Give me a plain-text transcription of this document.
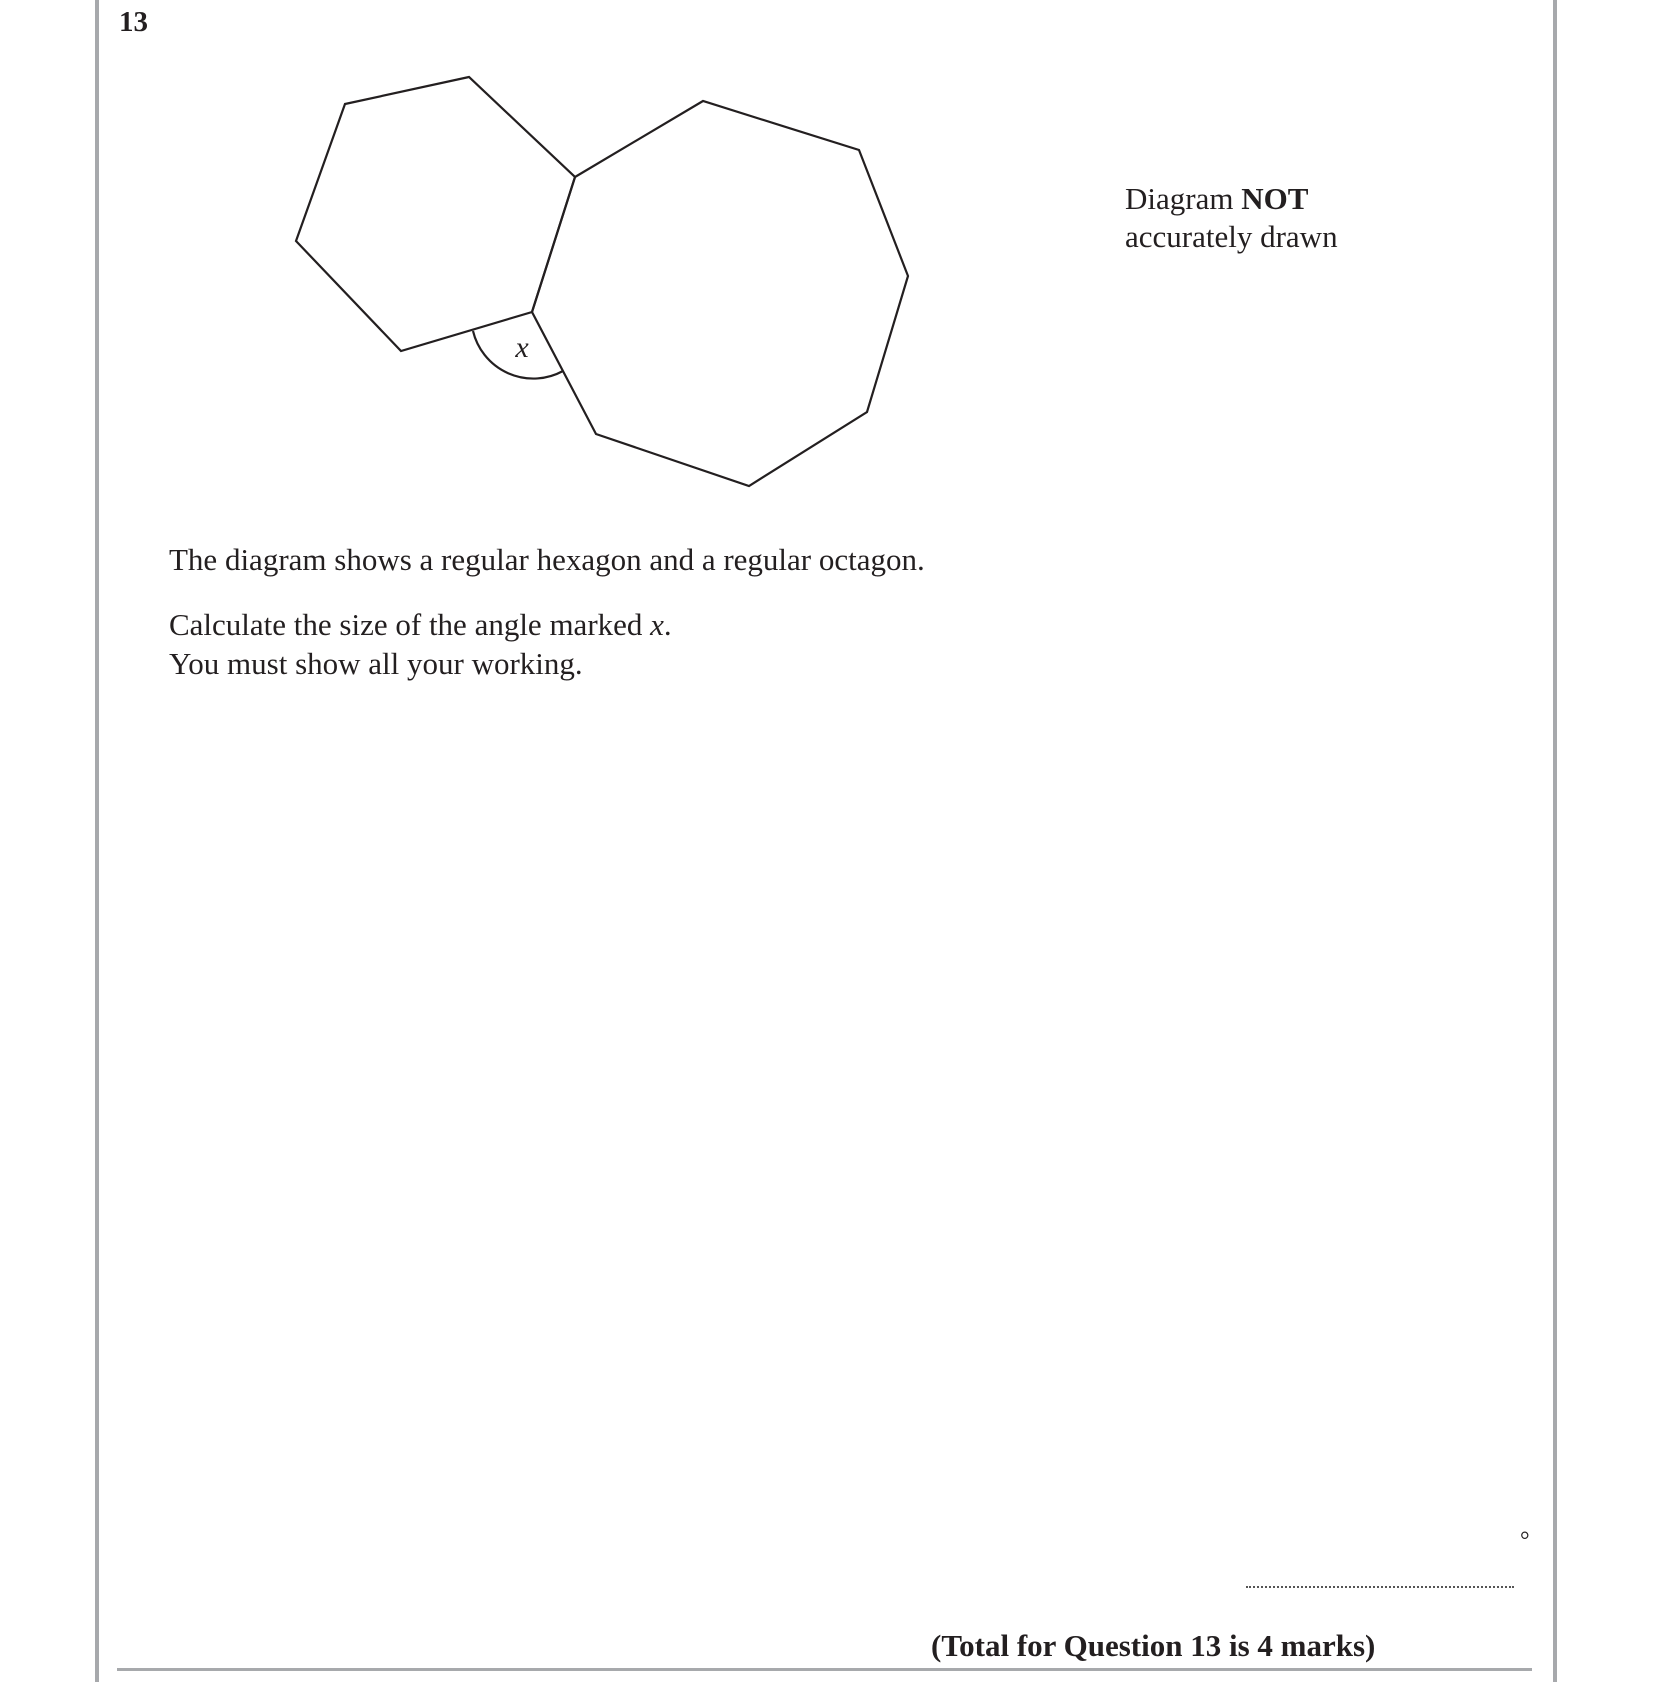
13
x
Diagram NOT
accurately drawn
The diagram shows a regular hexagon and a regular octagon.
Calculate the size of the angle marked x.
You must show all your working.
°
(Total for Question 13 is 4 marks)
